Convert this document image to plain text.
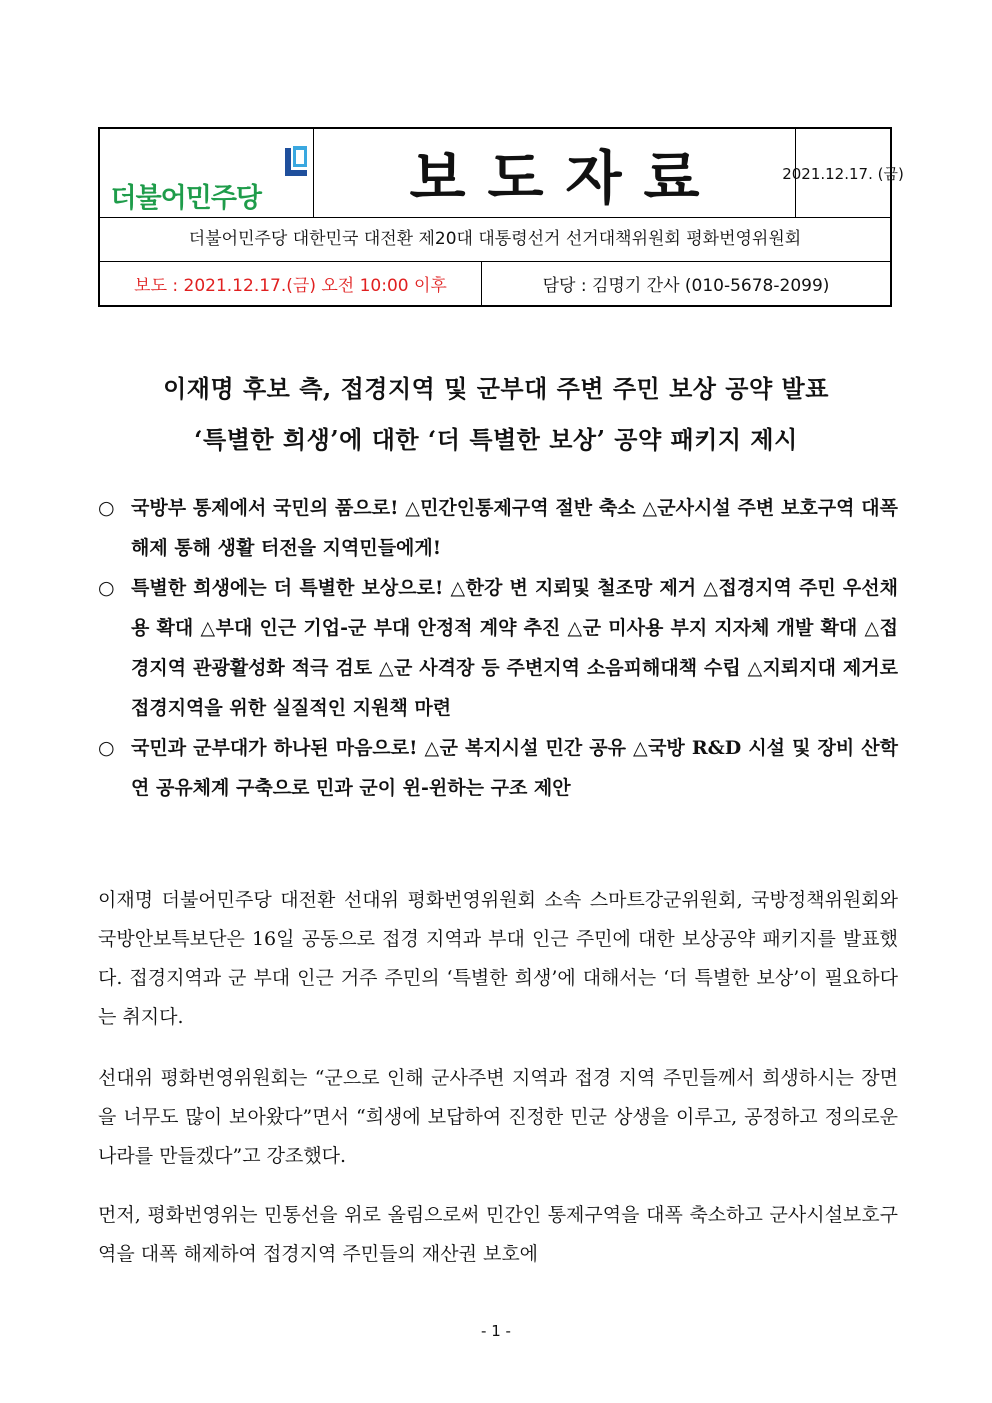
더불어민주당	보도자료	2021.12.17. (금)
더불어민주당 대한민국 대전환 제20대 대통령선거 선거대책위원회 평화번영위원회
보도 : 2021.12.17.(금) 오전 10:00 이후	담당 : 김명기 간사 (010-5678-2099)
이재명 후보 측, 접경지역 및 군부대 주변 주민 보상 공약 발표
‘특별한 희생’에 대한 ‘더 특별한 보상’ 공약 패키지 제시
○ 국방부 통제에서 국민의 품으로! △민간인통제구역 절반 축소 △군사시설 주변 보호구역 대폭 해제 통해 생활 터전을 지역민들에게!
○ 특별한 희생에는 더 특별한 보상으로! △한강 변 지뢰및 철조망 제거 △접경지역 주민 우선채용 확대 △부대 인근 기업-군 부대 안정적 계약 추진 △군 미사용 부지 지자체 개발 확대 △접경지역 관광활성화 적극 검토 △군 사격장 등 주변지역 소음피해대책 수립 △지뢰지대 제거로 접경지역을 위한 실질적인 지원책 마련
○ 국민과 군부대가 하나된 마음으로! △군 복지시설 민간 공유 △국방 R&D 시설 및 장비 산학연 공유체계 구축으로 민과 군이 윈-윈하는 구조 제안
이재명 더불어민주당 대전환 선대위 평화번영위원회 소속 스마트강군위원회, 국방정책위원회와 국방안보특보단은 16일 공동으로 접경 지역과 부대 인근 주민에 대한 보상공약 패키지를 발표했다. 접경지역과 군 부대 인근 거주 주민의 ‘특별한 희생’에 대해서는 ‘더 특별한 보상’이 필요하다는 취지다.
선대위 평화번영위원회는 “군으로 인해 군사주변 지역과 접경 지역 주민들께서 희생하시는 장면을 너무도 많이 보아왔다”면서 “희생에 보답하여 진정한 민군 상생을 이루고, 공정하고 정의로운 나라를 만들겠다”고 강조했다.
먼저, 평화번영위는 민통선을 위로 올림으로써 민간인 통제구역을 대폭 축소하고 군사시설보호구역을 대폭 해제하여 접경지역 주민들의 재산권 보호에
- 1 -
